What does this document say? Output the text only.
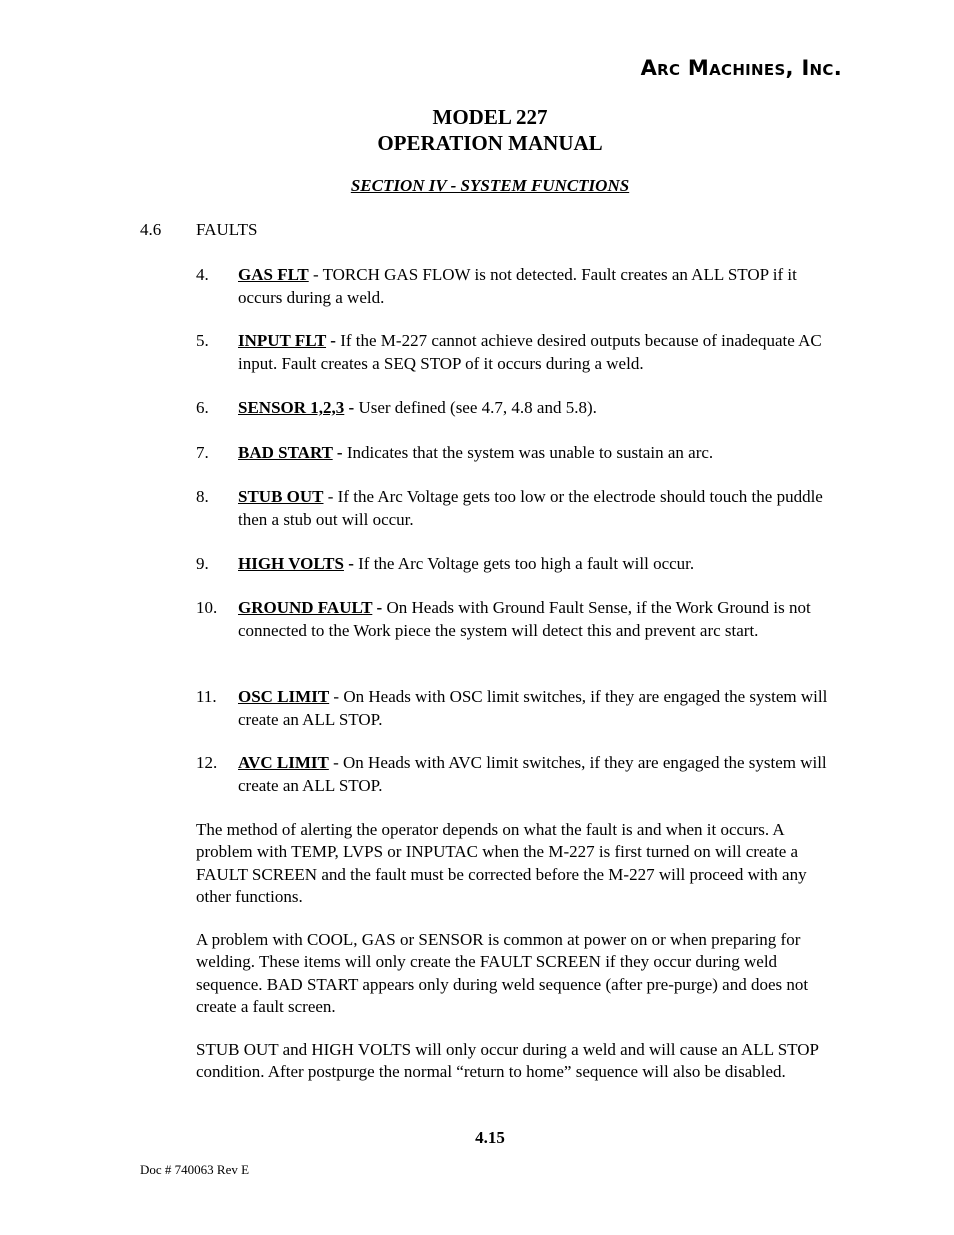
Arc Machines, Inc.
MODEL 227
OPERATION MANUAL
SECTION IV - SYSTEM FUNCTIONS
4.6 FAULTS
4. GAS FLT - TORCH GAS FLOW is not detected. Fault creates an ALL STOP if it occurs during a weld.
5. INPUT FLT - If the M-227 cannot achieve desired outputs because of inadequate AC input. Fault creates a SEQ STOP of it occurs during a weld.
6. SENSOR 1,2,3 - User defined (see 4.7, 4.8 and 5.8).
7. BAD START - Indicates that the system was unable to sustain an arc.
8. STUB OUT - If the Arc Voltage gets too low or the electrode should touch the puddle then a stub out will occur.
9. HIGH VOLTS - If the Arc Voltage gets too high a fault will occur.
10. GROUND FAULT - On Heads with Ground Fault Sense, if the Work Ground is not connected to the Work piece the system will detect this and prevent arc start.
11. OSC LIMIT - On Heads with OSC limit switches, if they are engaged the system will create an ALL STOP.
12. AVC LIMIT - On Heads with AVC limit switches, if they are engaged the system will create an ALL STOP.
The method of alerting the operator depends on what the fault is and when it occurs. A problem with TEMP, LVPS or INPUTAC when the M-227 is first turned on will create a FAULT SCREEN and the fault must be corrected before the M-227 will proceed with any other functions.
A problem with COOL, GAS or SENSOR is common at power on or when preparing for welding. These items will only create the FAULT SCREEN if they occur during weld sequence. BAD START appears only during weld sequence (after pre-purge) and does not create a fault screen.
STUB OUT and HIGH VOLTS will only occur during a weld and will cause an ALL STOP condition. After postpurge the normal “return to home” sequence will also be disabled.
4.15
Doc # 740063 Rev E
